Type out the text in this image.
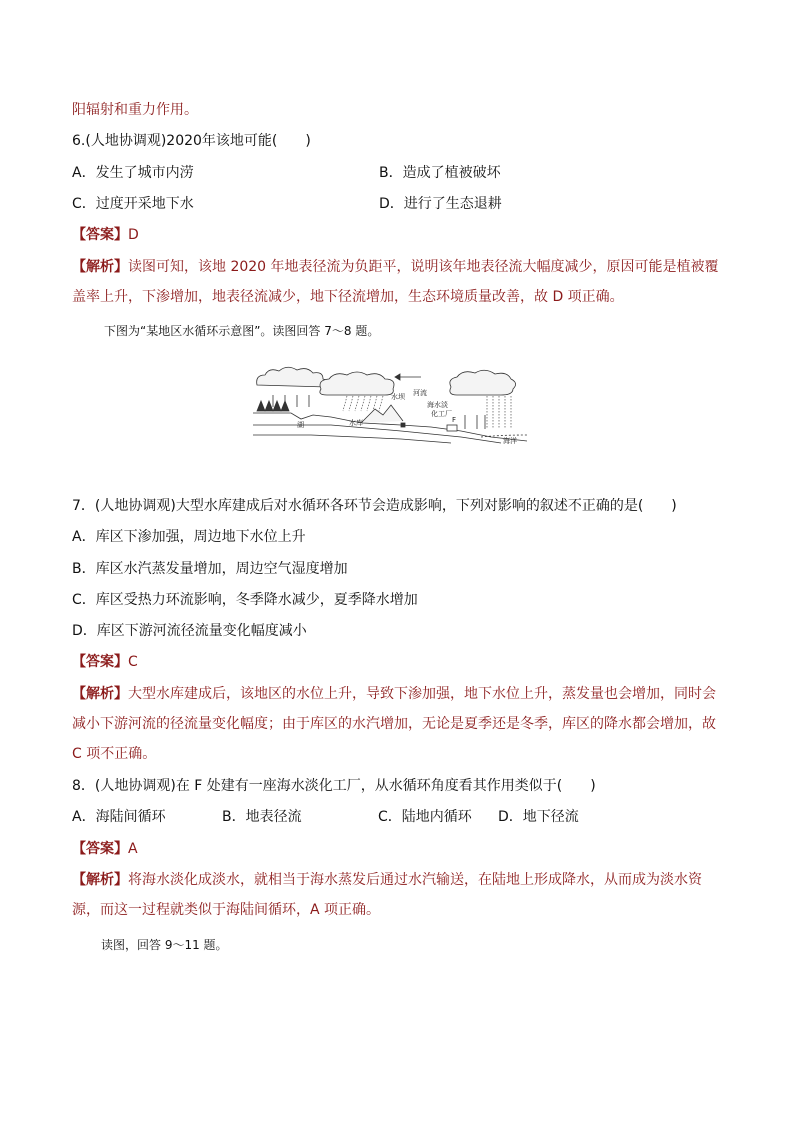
阳辐射和重力作用。
6.(人地协调观)2020年该地可能(　　)
A．发生了城市内涝	B．造成了植被破坏
C．过度开采地下水	D．进行了生态退耕
【答案】D
【解析】读图可知，该地 2020 年地表径流为负距平，说明该年地表径流大幅度减少，原因可能是植被覆
盖率上升，下渗增加，地表径流减少，地下径流增加，生态环境质量改善，故 D 项正确。
下图为“某地区水循环示意图”。读图回答 7～8 题。
湖	水库
水坝 河流
海水淡
化工厂
F
海洋
7．(人地协调观)大型水库建成后对水循环各环节会造成影响，下列对影响的叙述不正确的是(　　)
A．库区下渗加强，周边地下水位上升
B．库区水汽蒸发量增加，周边空气湿度增加
C．库区受热力环流影响，冬季降水减少，夏季降水增加
D．库区下游河流径流量变化幅度减小
【答案】C
【解析】大型水库建成后，该地区的水位上升，导致下渗加强，地下水位上升，蒸发量也会增加，同时会
减小下游河流的径流量变化幅度；由于库区的水汽增加，无论是夏季还是冬季，库区的降水都会增加，故
C 项不正确。
8．(人地协调观)在 F 处建有一座海水淡化工厂，从水循环角度看其作用类似于(　　)
A．海陆间循环	B．地表径流	C．陆地内循环 D．地下径流
【答案】A
【解析】将海水淡化成淡水，就相当于海水蒸发后通过水汽输送，在陆地上形成降水，从而成为淡水资
源，而这一过程就类似于海陆间循环，A 项正确。
读图，回答 9～11 题。
